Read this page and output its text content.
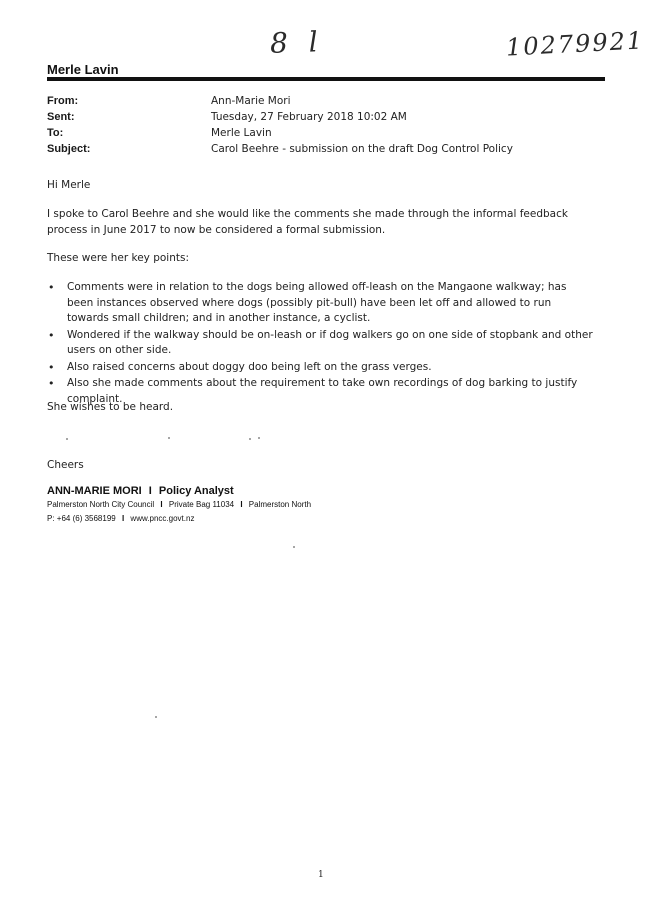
8 l	10279921
Merle Lavin
From:	Ann-Marie Mori
Sent:	Tuesday, 27 February 2018 10:02 AM
To:	Merle Lavin
Subject:	Carol Beehre - submission on the draft Dog Control Policy
Hi Merle
I spoke to Carol Beehre and she would like the comments she made through the informal feedback process in June 2017 to now be considered a formal submission.
These were her key points:
• Comments were in relation to the dogs being allowed off-leash on the Mangaone walkway; has been instances observed where dogs (possibly pit-bull) have been let off and allowed to run towards small children; and in another instance, a cyclist.
• Wondered if the walkway should be on-leash or if dog walkers go on one side of stopbank and other users on other side.
• Also raised concerns about doggy doo being left on the grass verges.
• Also she made comments about the requirement to take own recordings of dog barking to justify complaint.
She wishes to be heard.
Cheers
ANN-MARIE MORI I Policy Analyst
Palmerston North City Council I Private Bag 11034 I Palmerston North
P: +64 (6) 3568199 I www.pncc.govt.nz
1
